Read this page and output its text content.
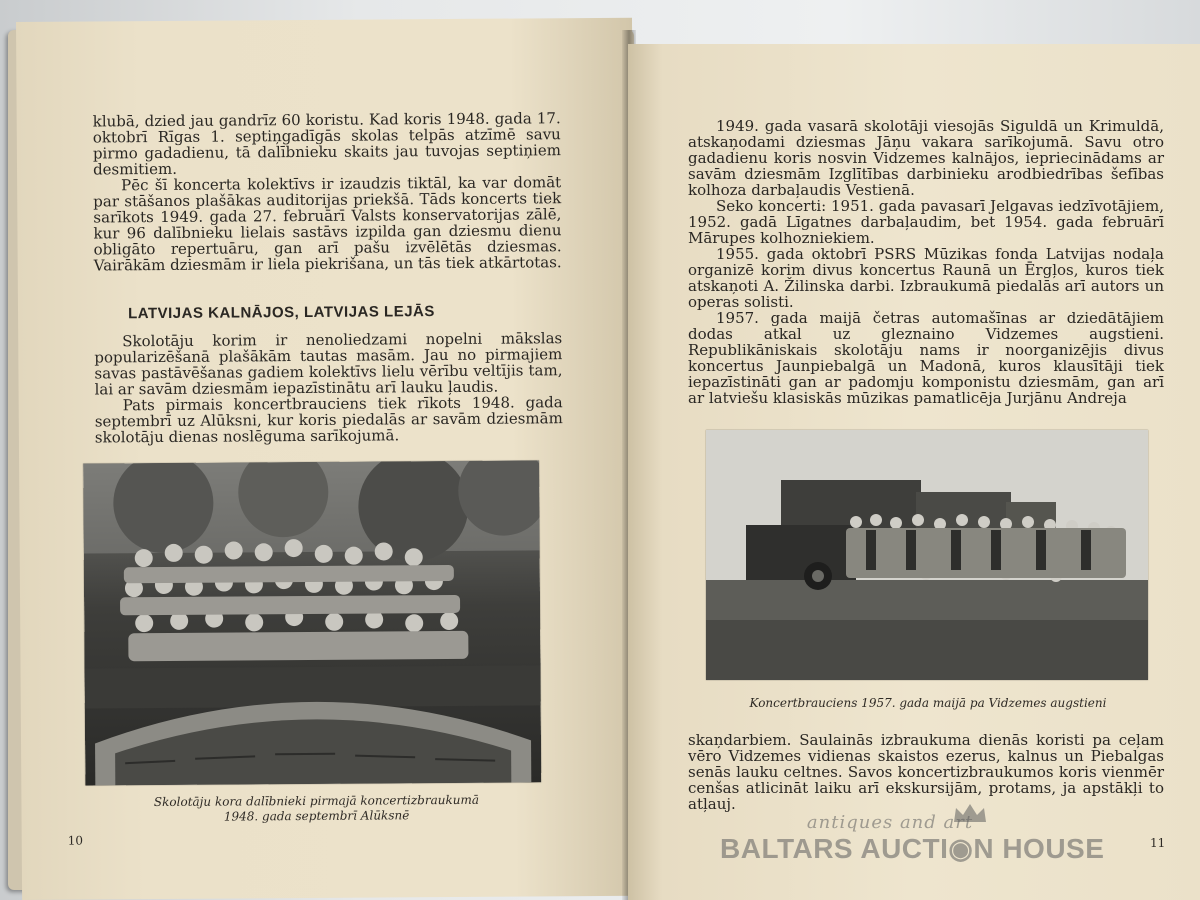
klubā, dzied jau gandrīz 60 koristu. Kad koris 1948. gada 17. oktobrī Rīgas 1. septiņgadīgās skolas telpās atzīmē savu pirmo gadadienu, tā dalībnieku skaits jau tuvojas septiņiem desmitiem.

Pēc šī koncerta kolektīvs ir izaudzis tiktāl, ka var domāt par stāšanos plašākas auditorijas priekšā. Tāds koncerts tiek sarīkots 1949. gada 27. februārī Valsts konservatorijas zālē, kur 96 dalībnieku lielais sastāvs izpilda gan dziesmu dienu obligāto repertuāru, gan arī pašu izvēlētās dziesmas. Vairākām dziesmām ir liela piekrišana, un tās tiek atkārtotas.

LATVIJAS KALNĀJOS, LATVIJAS LEJĀS

Skolotāju korim ir nenoliedzami nopelni mākslas popularizēšanā plašākām tautas masām. Jau no pirmajiem savas pastāvēšanas gadiem kolektīvs lielu vērību veltījis tam, lai ar savām dziesmām iepazīstinātu arī lauku ļaudis.

Pats pirmais koncertbrauciens tiek rīkots 1948. gada septembrī uz Alūksni, kur koris piedalās ar savām dziesmām skolotāju dienas noslēguma sarīkojumā.

Skolotāju kora dalībnieki pirmajā koncertizbraukumā
1948. gada septembrī Alūksnē
10

1949. gada vasarā skolotāji viesojās Siguldā un Krimuldā, atskaņodami dziesmas Jāņu vakara sarīkojumā. Savu otro gadadienu koris nosvin Vidzemes kalnājos, iepriecinādams ar savām dziesmām Izglītības darbinieku arodbiedrības šefības kolhoza darbaļaudis Vestienā.

Seko koncerti: 1951. gada pavasarī Jelgavas iedzīvotājiem, 1952. gadā Līgatnes darbaļaudim, bet 1954. gada februārī Mārupes kolhozniekiem.

1955. gada oktobrī PSRS Mūzikas fonda Latvijas nodaļa organizē korim divus koncertus Raunā un Ērgļos, kuros tiek atskaņoti A. Žilinska darbi. Izbraukumā piedalās arī autors un operas solisti.

1957. gada maijā četras automašīnas ar dziedātājiem dodas atkal uz gleznaino Vidzemes augstieni. Republikāniskais skolotāju nams ir noorganizējis divus koncertus Jaunpiebalgā un Madonā, kuros klausītāji tiek iepazīstināti gan ar padomju komponistu dziesmām, gan arī ar latviešu klasiskās mūzikas pamatlicēja Jurjānu Andreja

Koncertbrauciens 1957. gada maijā pa Vidzemes augstieni

skaņdarbiem. Saulainās izbraukuma dienās koristi pa ceļam vēro Vidzemes vidienas skaistos ezerus, kalnus un Piebalgas senās lauku celtnes. Savos koncertizbraukumos koris vienmēr cenšas atlicināt laiku arī ekskursijām, protams, ja apstākļi to atļauj.

11
antiques and art
BALTARS AUCTI◉N HOUSE
